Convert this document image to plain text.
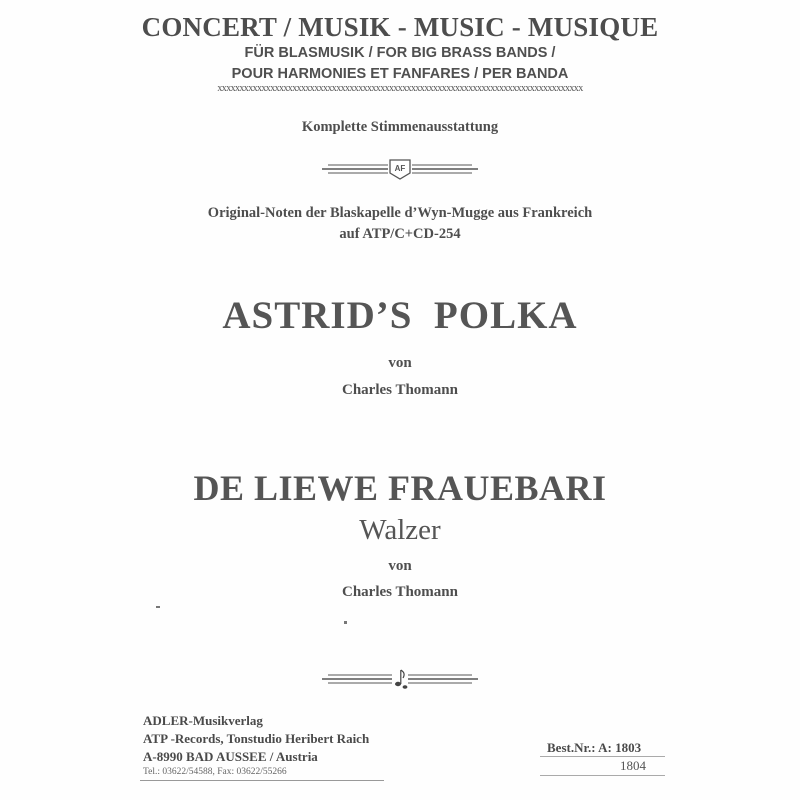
CONCERT / MUSIK - MUSIC - MUSIQUE
FÜR BLASMUSIK / FOR BIG BRASS BANDS /
POUR HARMONIES ET FANFARES / PER BANDA
xxxxxxxxxxxxxxxxxxxxxxxxxxxxxxxxxxxxxxxxxxxxxxxxxxxxxxxxxxxxxxxxxxxxxxxxxxxxxxxxxxx
Komplette Stimmenausstattung
AF
Original-Noten der Blaskapelle d’Wyn-Mugge aus Frankreich
auf ATP/C+CD-254
ASTRID’S  POLKA
von
Charles Thomann
DE LIEWE FRAUEBARI
Walzer
von
Charles Thomann
ADLER-Musikverlag
ATP -Records, Tonstudio Heribert Raich
A-8990 BAD AUSSEE / Austria
Tel.: 03622/54588, Fax: 03622/55266
Best.Nr.: A: 1803
1804
